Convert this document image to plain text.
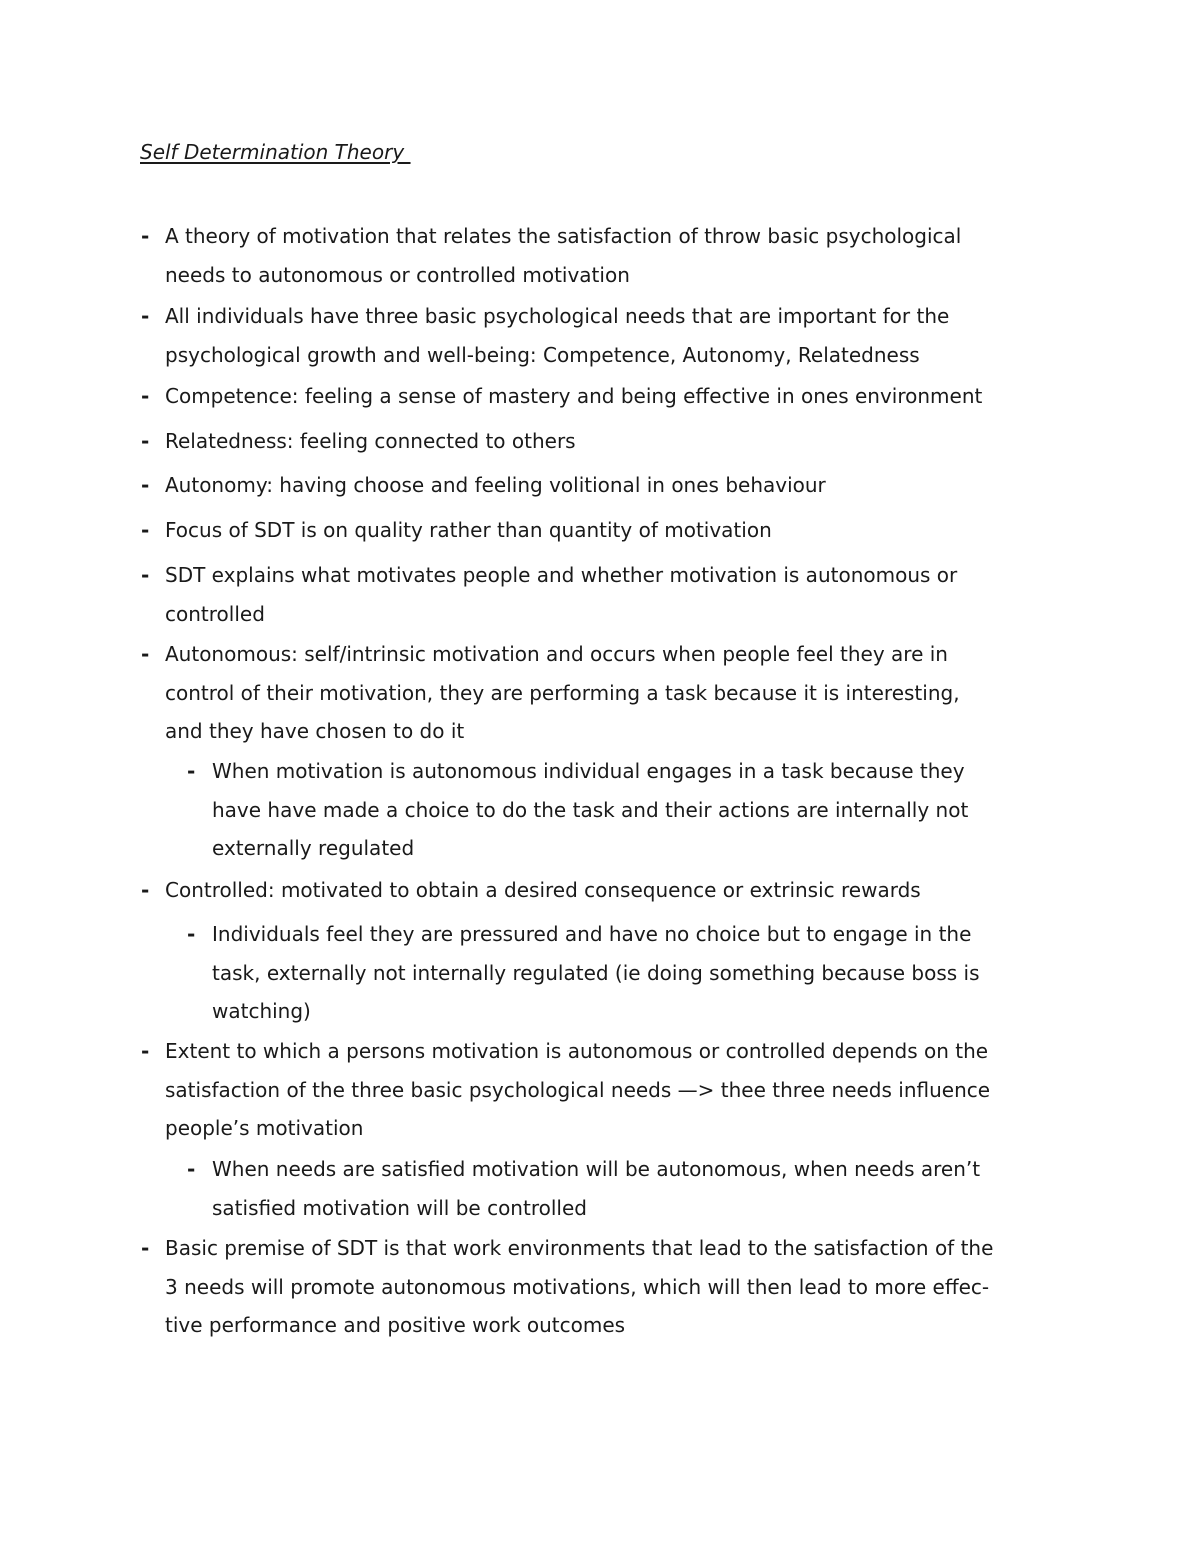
Self Determination Theory
- A theory of motivation that relates the satisfaction of throw basic psychological
needs to autonomous or controlled motivation
- All individuals have three basic psychological needs that are important for the
psychological growth and well-being: Competence, Autonomy, Relatedness
- Competence: feeling a sense of mastery and being effective in ones environment
- Relatedness: feeling connected to others
- Autonomy: having choose and feeling volitional in ones behaviour
- Focus of SDT is on quality rather than quantity of motivation
- SDT explains what motivates people and whether motivation is autonomous or
controlled
- Autonomous: self/intrinsic motivation and occurs when people feel they are in
control of their motivation, they are performing a task because it is interesting,
and they have chosen to do it
- When motivation is autonomous individual engages in a task because they
have have made a choice to do the task and their actions are internally not
externally regulated
- Controlled: motivated to obtain a desired consequence or extrinsic rewards
- Individuals feel they are pressured and have no choice but to engage in the
task, externally not internally regulated (ie doing something because boss is
watching)
- Extent to which a persons motivation is autonomous or controlled depends on the
satisfaction of the three basic psychological needs —> thee three needs influence
people’s motivation
- When needs are satisfied motivation will be autonomous, when needs aren’t
satisfied motivation will be controlled
- Basic premise of SDT is that work environments that lead to the satisfaction of the
3 needs will promote autonomous motivations, which will then lead to more effec-
tive performance and positive work outcomes
